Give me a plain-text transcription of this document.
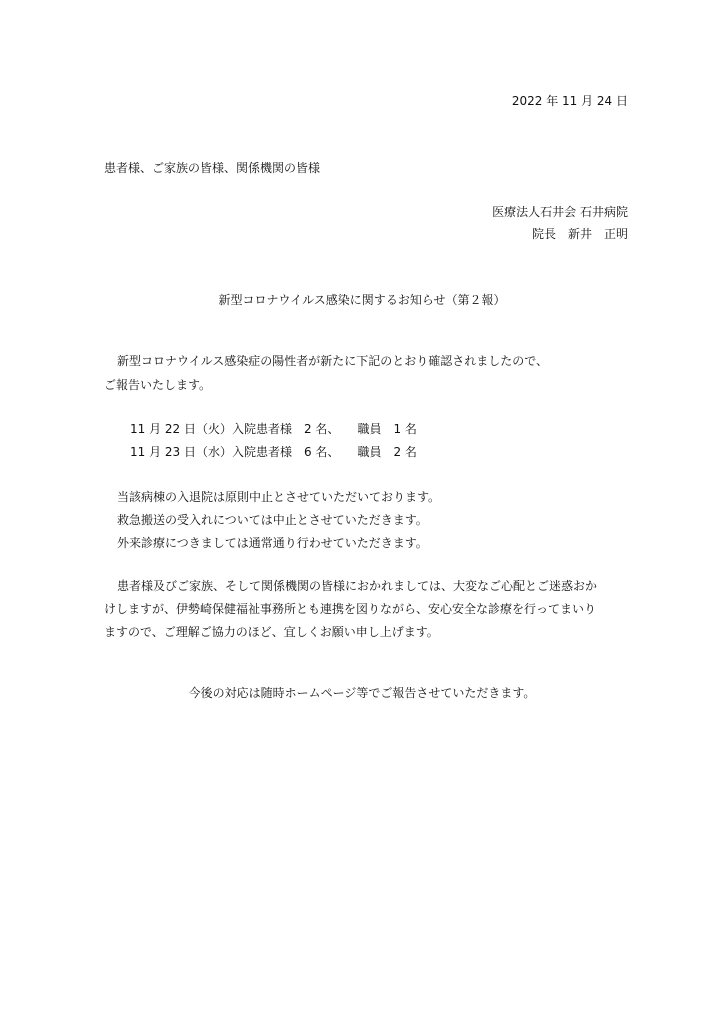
2022 年 11 月 24 日
患者様、ご家族の皆様、関係機関の皆様
医療法人石井会 石井病院
院長　新井　正明
新型コロナウイルス感染に関するお知らせ（第２報）
新型コロナウイルス感染症の陽性者が新たに下記のとおり確認されましたので、
ご報告いたします。
11 月 22 日（火）入院患者様　2 名、 職員　1 名
11 月 23 日（水）入院患者様　6 名、 職員　2 名
当該病棟の入退院は原則中止とさせていただいております。
救急搬送の受入れについては中止とさせていただきます。
外来診療につきましては通常通り行わせていただきます。
患者様及びご家族、そして関係機関の皆様におかれましては、大変なご心配とご迷惑おか
けしますが、伊勢崎保健福祉事務所とも連携を図りながら、安心安全な診療を行ってまいり
ますので、ご理解ご協力のほど、宜しくお願い申し上げます。
今後の対応は随時ホームページ等でご報告させていただきます。
